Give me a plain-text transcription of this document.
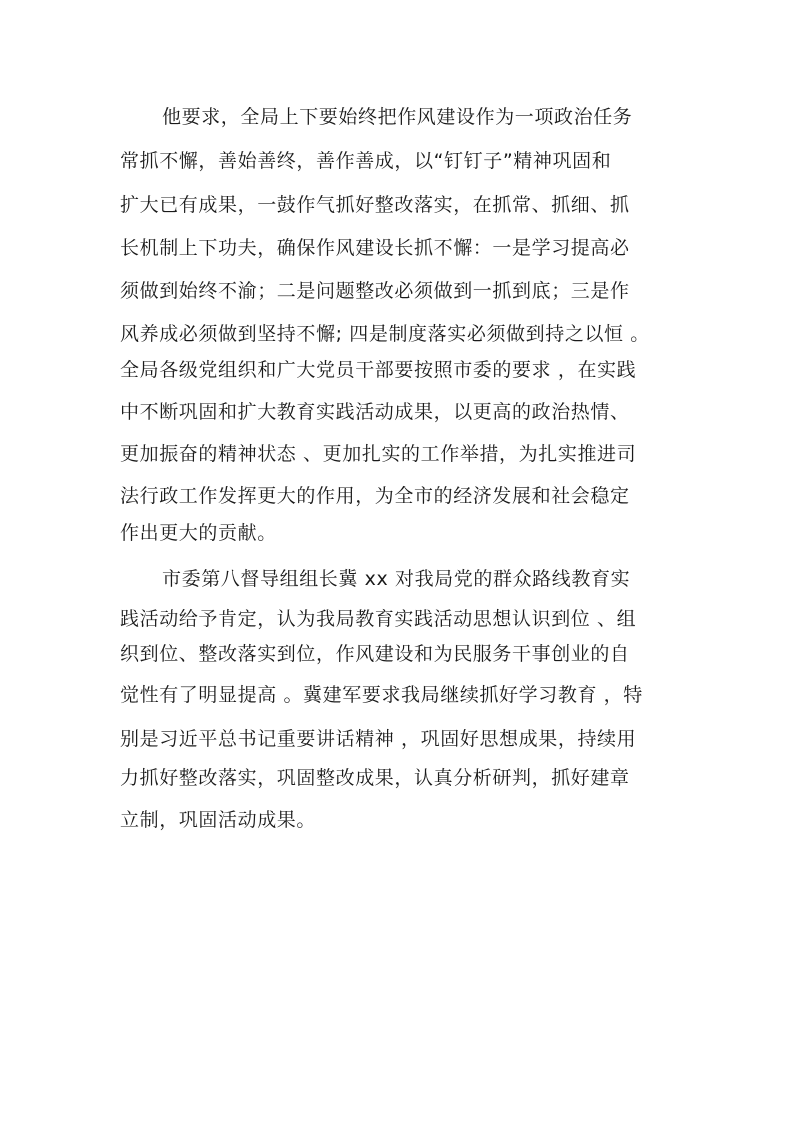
他要求，全局上下要始终把作风建设作为一项政治任务
常抓不懈，善始善终，善作善成，以“钉钉子”精神巩固和
扩大已有成果，一鼓作气抓好整改落实，在抓常、抓细、抓
长机制上下功夫，确保作风建设长抓不懈：一是学习提高必
须做到始终不渝；二是问题整改必须做到一抓到底；三是作
风养成必须做到坚持不懈; 四是制度落实必须做到持之以恒 。
全局各级党组织和广大党员干部要按照市委的要求 ，在实践
中不断巩固和扩大教育实践活动成果，以更高的政治热情、
更加振奋的精神状态 、更加扎实的工作举措，为扎实推进司
法行政工作发挥更大的作用，为全市的经济发展和社会稳定
作出更大的贡献。
市委第八督导组组长冀 xx 对我局党的群众路线教育实
践活动给予肯定，认为我局教育实践活动思想认识到位 、组
织到位、整改落实到位，作风建设和为民服务干事创业的自
觉性有了明显提高 。冀建军要求我局继续抓好学习教育 ，特
别是习近平总书记重要讲话精神 ，巩固好思想成果，持续用
力抓好整改落实，巩固整改成果，认真分析研判，抓好建章
立制，巩固活动成果。
